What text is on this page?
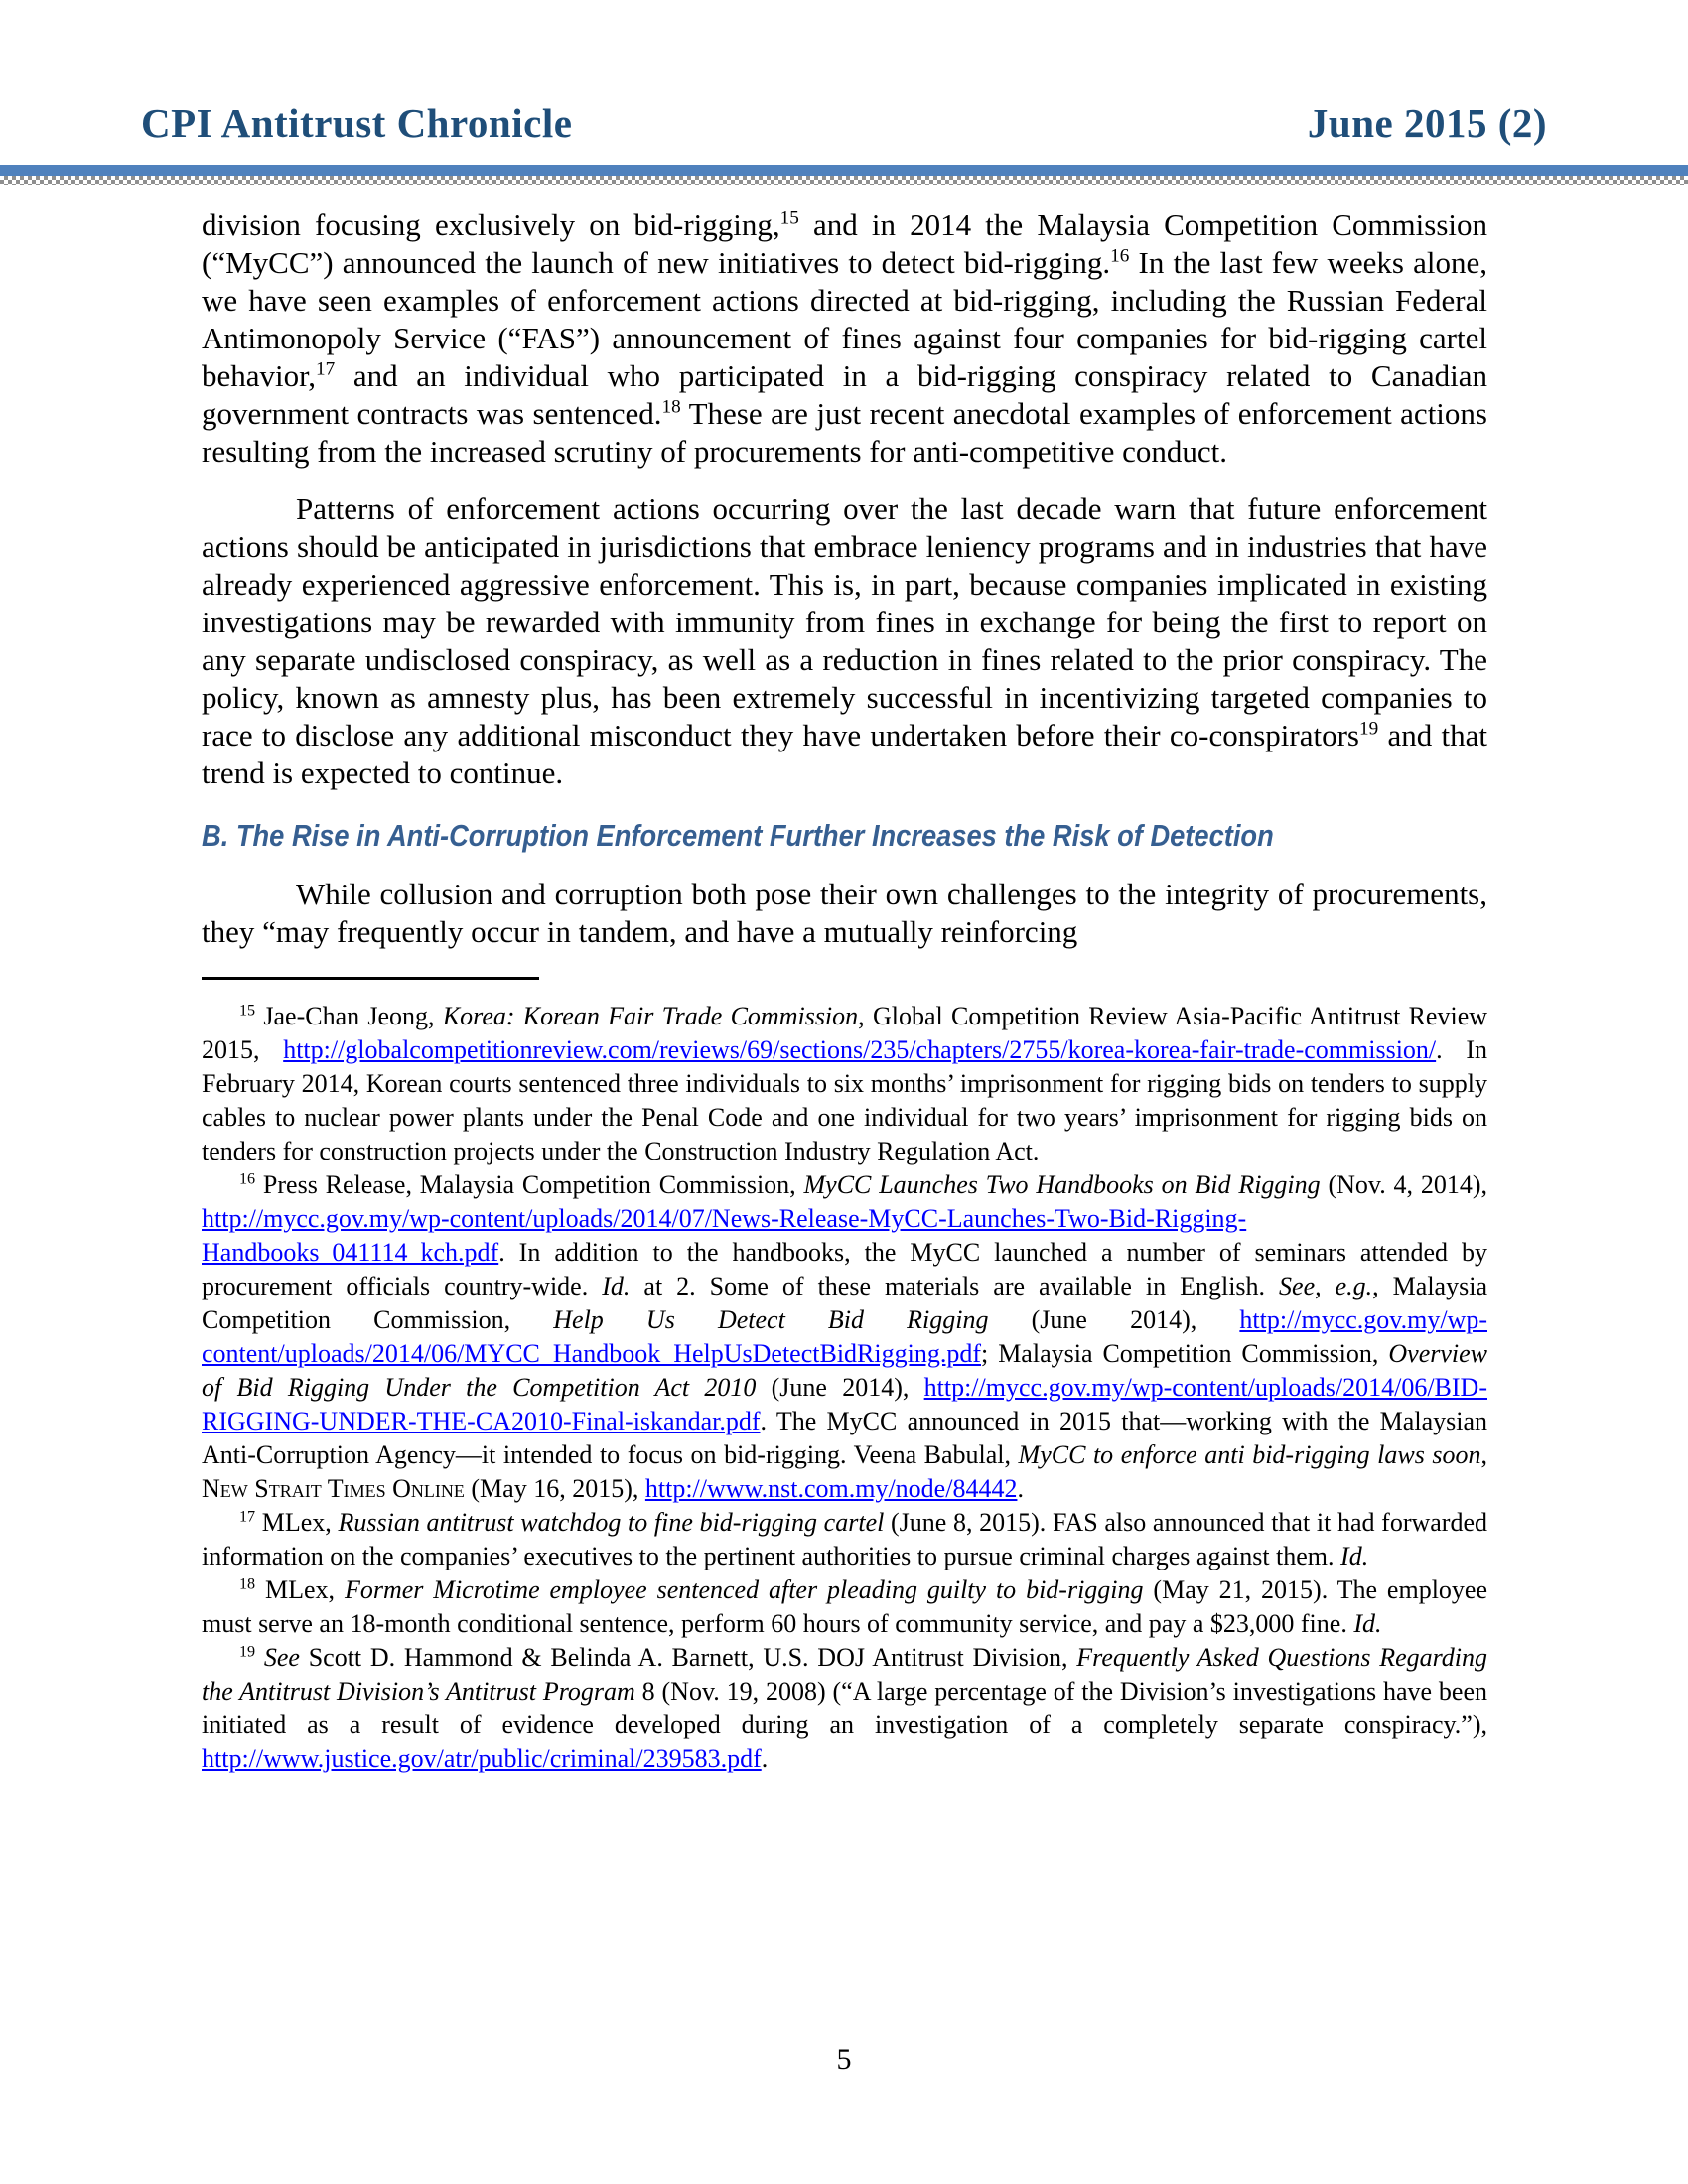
CPI Antitrust Chronicle	June 2015 (2)

division focusing exclusively on bid-rigging,$^{15}$ and in 2014 the Malaysia Competition Commission (“MyCC”) announced the launch of new initiatives to detect bid-rigging.$^{16}$ In the last few weeks alone, we have seen examples of enforcement actions directed at bid-rigging, including the Russian Federal Antimonopoly Service (“FAS”) announcement of fines against four companies for bid-rigging cartel behavior,$^{17}$ and an individual who participated in a bid-rigging conspiracy related to Canadian government contracts was sentenced.$^{18}$ These are just recent anecdotal examples of enforcement actions resulting from the increased scrutiny of procurements for anti-competitive conduct.

Patterns of enforcement actions occurring over the last decade warn that future enforcement actions should be anticipated in jurisdictions that embrace leniency programs and in industries that have already experienced aggressive enforcement. This is, in part, because companies implicated in existing investigations may be rewarded with immunity from fines in exchange for being the first to report on any separate undisclosed conspiracy, as well as a reduction in fines related to the prior conspiracy. The policy, known as amnesty plus, has been extremely successful in incentivizing targeted companies to race to disclose any additional misconduct they have undertaken before their co-conspirators$^{19}$ and that trend is expected to continue.

B. The Rise in Anti-Corruption Enforcement Further Increases the Risk of Detection

While collusion and corruption both pose their own challenges to the integrity of procurements, they “may frequently occur in tandem, and have a mutually reinforcing

$^{15}$ Jae-Chan Jeong, Korea: Korean Fair Trade Commission, Global Competition Review Asia-Pacific Antitrust Review 2015, http://globalcompetitionreview.com/reviews/69/sections/235/chapters/2755/korea-korea-fair-trade-commission/. In February 2014, Korean courts sentenced three individuals to six months’ imprisonment for rigging bids on tenders to supply cables to nuclear power plants under the Penal Code and one individual for two years’ imprisonment for rigging bids on tenders for construction projects under the Construction Industry Regulation Act.

$^{16}$ Press Release, Malaysia Competition Commission, MyCC Launches Two Handbooks on Bid Rigging (Nov. 4, 2014), http://mycc.gov.my/wp-content/uploads/2014/07/News-Release-MyCC-Launches-Two-Bid-Rigging-Handbooks_041114_kch.pdf. In addition to the handbooks, the MyCC launched a number of seminars attended by procurement officials country-wide. Id. at 2. Some of these materials are available in English. See, e.g., Malaysia Competition Commission, Help Us Detect Bid Rigging (June 2014), http://mycc.gov.my/wp-content/uploads/2014/06/MYCC_Handbook_HelpUsDetectBidRigging.pdf; Malaysia Competition Commission, Overview of Bid Rigging Under the Competition Act 2010 (June 2014), http://mycc.gov.my/wp-content/uploads/2014/06/BID-RIGGING-UNDER-THE-CA2010-Final-iskandar.pdf. The MyCC announced in 2015 that—working with the Malaysian Anti-Corruption Agency—it intended to focus on bid-rigging. Veena Babulal, MyCC to enforce anti bid-rigging laws soon, New Strait Times Online (May 16, 2015), http://www.nst.com.my/node/84442.

$^{17}$ MLex, Russian antitrust watchdog to fine bid-rigging cartel (June 8, 2015). FAS also announced that it had forwarded information on the companies’ executives to the pertinent authorities to pursue criminal charges against them. Id.

$^{18}$ MLex, Former Microtime employee sentenced after pleading guilty to bid-rigging (May 21, 2015). The employee must serve an 18-month conditional sentence, perform 60 hours of community service, and pay a $23,000 fine. Id.

$^{19}$ See Scott D. Hammond & Belinda A. Barnett, U.S. DOJ Antitrust Division, Frequently Asked Questions Regarding the Antitrust Division’s Antitrust Program 8 (Nov. 19, 2008) (“A large percentage of the Division’s investigations have been initiated as a result of evidence developed during an investigation of a completely separate conspiracy.”), http://www.justice.gov/atr/public/criminal/239583.pdf.

5
